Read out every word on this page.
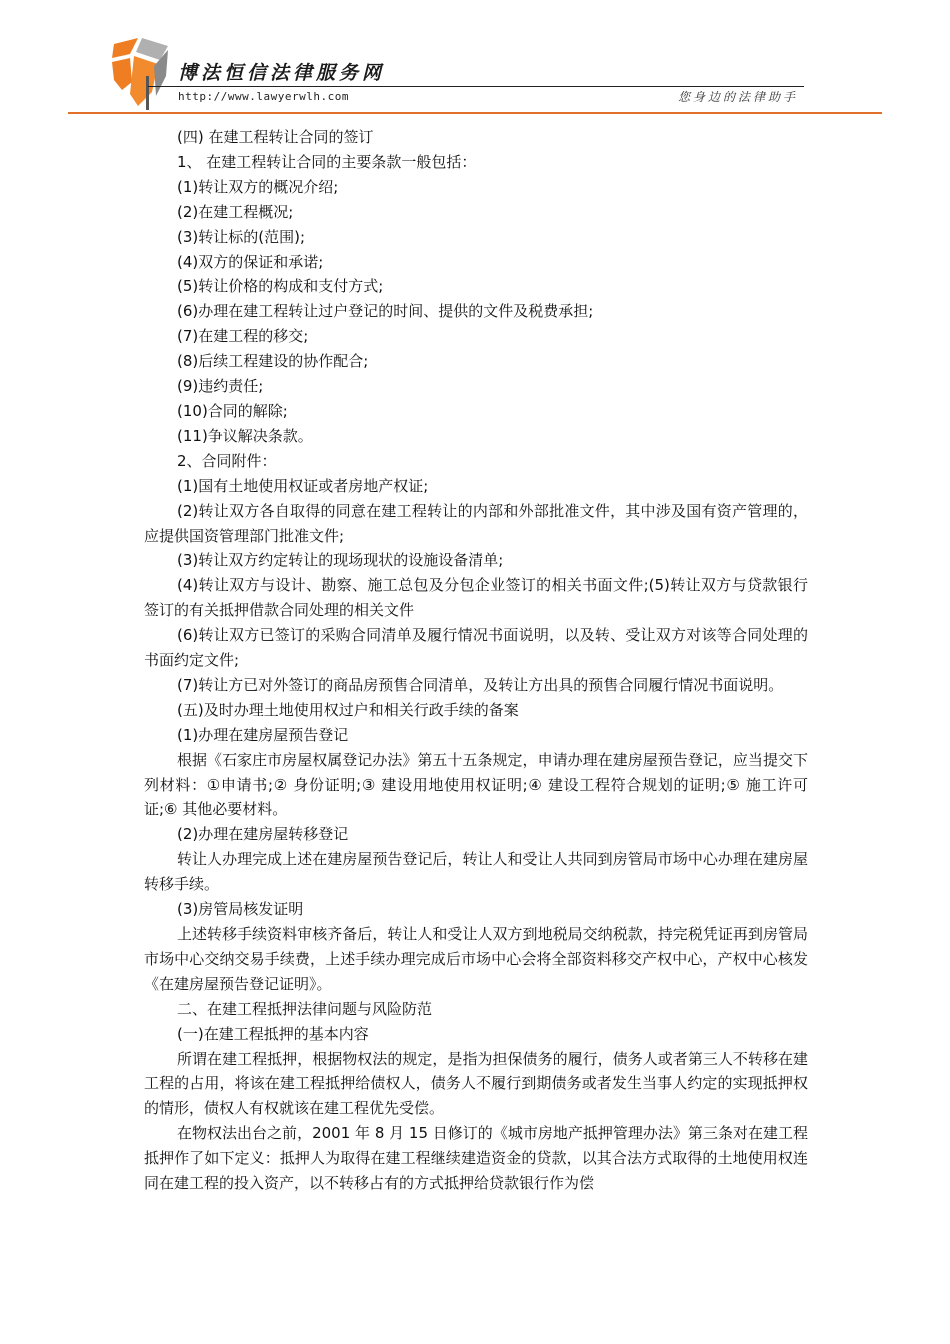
博法恒信法律服务网
http://www.lawyerwlh.com	您身边的法律助手

(四) 在建工程转让合同的签订

1、 在建工程转让合同的主要条款一般包括：

(1)转让双方的概况介绍;

(2)在建工程概况;

(3)转让标的(范围);

(4)双方的保证和承诺;

(5)转让价格的构成和支付方式;

(6)办理在建工程转让过户登记的时间、提供的文件及税费承担;

(7)在建工程的移交;

(8)后续工程建设的协作配合;

(9)违约责任;

(10)合同的解除;

(11)争议解决条款。

2、合同附件：

(1)国有土地使用权证或者房地产权证;

(2)转让双方各自取得的同意在建工程转让的内部和外部批准文件，其中涉及国有资产管理的，应提供国资管理部门批准文件;

(3)转让双方约定转让的现场现状的设施设备清单;

(4)转让双方与设计、勘察、施工总包及分包企业签订的相关书面文件;(5)转让双方与贷款银行签订的有关抵押借款合同处理的相关文件

(6)转让双方已签订的采购合同清单及履行情况书面说明，以及转、受让双方对该等合同处理的书面约定文件;

(7)转让方已对外签订的商品房预售合同清单，及转让方出具的预售合同履行情况书面说明。

(五)及时办理土地使用权过户和相关行政手续的备案

(1)办理在建房屋预告登记

根据《石家庄市房屋权属登记办法》第五十五条规定，申请办理在建房屋预告登记，应当提交下列材料：①申请书;② 身份证明;③ 建设用地使用权证明;④ 建设工程符合规划的证明;⑤ 施工许可证;⑥ 其他必要材料。

(2)办理在建房屋转移登记

转让人办理完成上述在建房屋预告登记后，转让人和受让人共同到房管局市场中心办理在建房屋转移手续。

(3)房管局核发证明

上述转移手续资料审核齐备后，转让人和受让人双方到地税局交纳税款，持完税凭证再到房管局市场中心交纳交易手续费，上述手续办理完成后市场中心会将全部资料移交产权中心，产权中心核发《在建房屋预告登记证明》。

二、在建工程抵押法律问题与风险防范

(一)在建工程抵押的基本内容

所谓在建工程抵押，根据物权法的规定，是指为担保债务的履行，债务人或者第三人不转移在建工程的占用，将该在建工程抵押给债权人，债务人不履行到期债务或者发生当事人约定的实现抵押权的情形，债权人有权就该在建工程优先受偿。

在物权法出台之前，2001 年 8 月 15 日修订的《城市房地产抵押管理办法》第三条对在建工程抵押作了如下定义：抵押人为取得在建工程继续建造资金的贷款，以其合法方式取得的土地使用权连同在建工程的投入资产，以不转移占有的方式抵押给贷款银行作为偿
